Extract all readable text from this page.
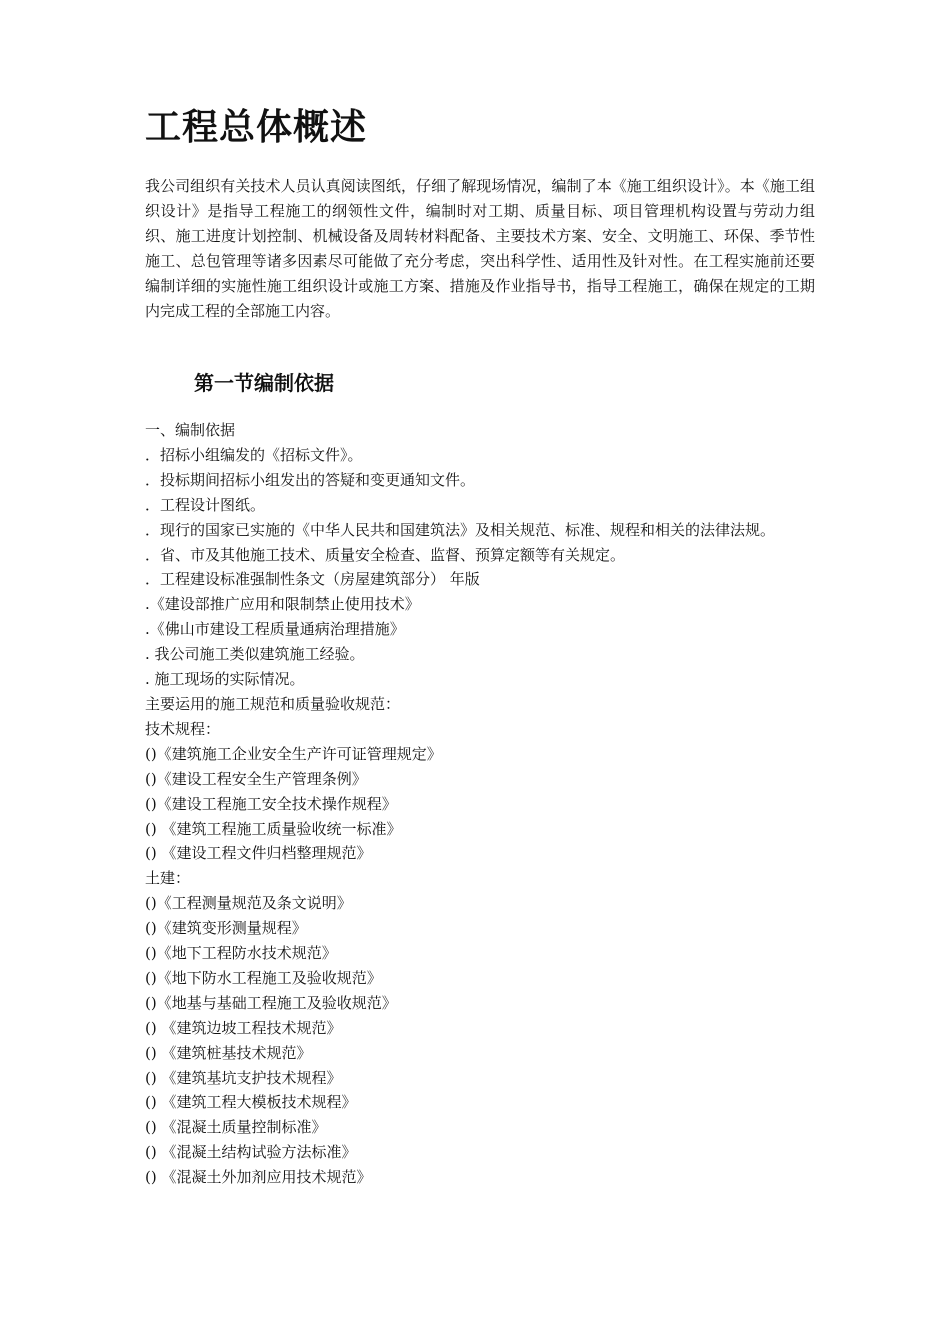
工程总体概述

我公司组织有关技术人员认真阅读图纸，仔细了解现场情况，编制了本《施工组织设计》。本《施工组织设计》是指导工程施工的纲领性文件，编制时对工期、质量目标、项目管理机构设置与劳动力组织、施工进度计划控制、机械设备及周转材料配备、主要技术方案、安全、文明施工、环保、季节性施工、总包管理等诸多因素尽可能做了充分考虑，突出科学性、适用性及针对性。在工程实施前还要编制详细的实施性施工组织设计或施工方案、措施及作业指导书，指导工程施工，确保在规定的工期内完成工程的全部施工内容。

第一节编制依据
一、编制依据
．招标小组编发的《招标文件》。
．投标期间招标小组发出的答疑和变更通知文件。
．工程设计图纸。
．现行的国家已实施的《中华人民共和国建筑法》及相关规范、标准、规程和相关的法律法规。
．省、市及其他施工技术、质量安全检查、监督、预算定额等有关规定。
．工程建设标准强制性条文（房屋建筑部分） 年版
.《建设部推广应用和限制禁止使用技术》
.《佛山市建设工程质量通病治理措施》
. 我公司施工类似建筑施工经验。
. 施工现场的实际情况。
主要运用的施工规范和质量验收规范：
技术规程：
()《建筑施工企业安全生产许可证管理规定》
()《建设工程安全生产管理条例》
()《建设工程施工安全技术操作规程》
() 《建筑工程施工质量验收统一标准》
() 《建设工程文件归档整理规范》
土建：
()《工程测量规范及条文说明》
()《建筑变形测量规程》
()《地下工程防水技术规范》
()《地下防水工程施工及验收规范》
()《地基与基础工程施工及验收规范》
() 《建筑边坡工程技术规范》
() 《建筑桩基技术规范》
() 《建筑基坑支护技术规程》
() 《建筑工程大模板技术规程》
() 《混凝土质量控制标准》
() 《混凝土结构试验方法标准》
() 《混凝土外加剂应用技术规范》
